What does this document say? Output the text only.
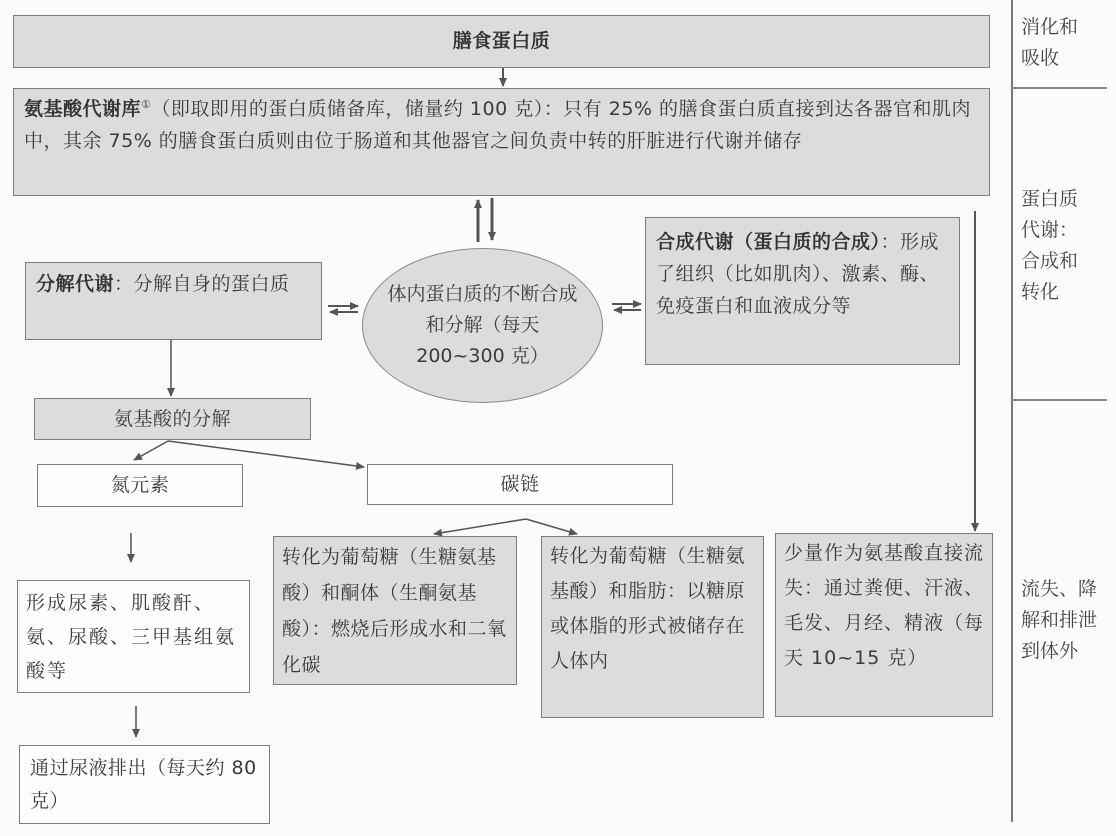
消化和吸收
蛋白质代谢：合成和转化
流失、降解和排泄到体外
膳食蛋白质
氨基酸代谢库①（即取即用的蛋白质储备库，储量约 100 克）：只有 25% 的膳食蛋白质直接到达各器官和肌肉中，其余 75% 的膳食蛋白质则由位于肠道和其他器官之间负责中转的肝脏进行代谢并储存
分解代谢：分解自身的蛋白质	体内蛋白质的不断合成和分解（每天 200~300 克）
合成代谢（蛋白质的合成）：形成了组织（比如肌肉）、激素、酶、免疫蛋白和血液成分等
氨基酸的分解
氮元素	碳链
形成尿素、肌酸酐、氨、尿酸、三甲基组氨酸等
通过尿液排出（每天约 80 克）
转化为葡萄糖（生糖氨基酸）和酮体（生酮氨基酸）：燃烧后形成水和二氧化碳
转化为葡萄糖（生糖氨基酸）和脂肪：以糖原或体脂的形式被储存在人体内
少量作为氨基酸直接流失：通过粪便、汗液、毛发、月经、精液（每天 10~15 克）
